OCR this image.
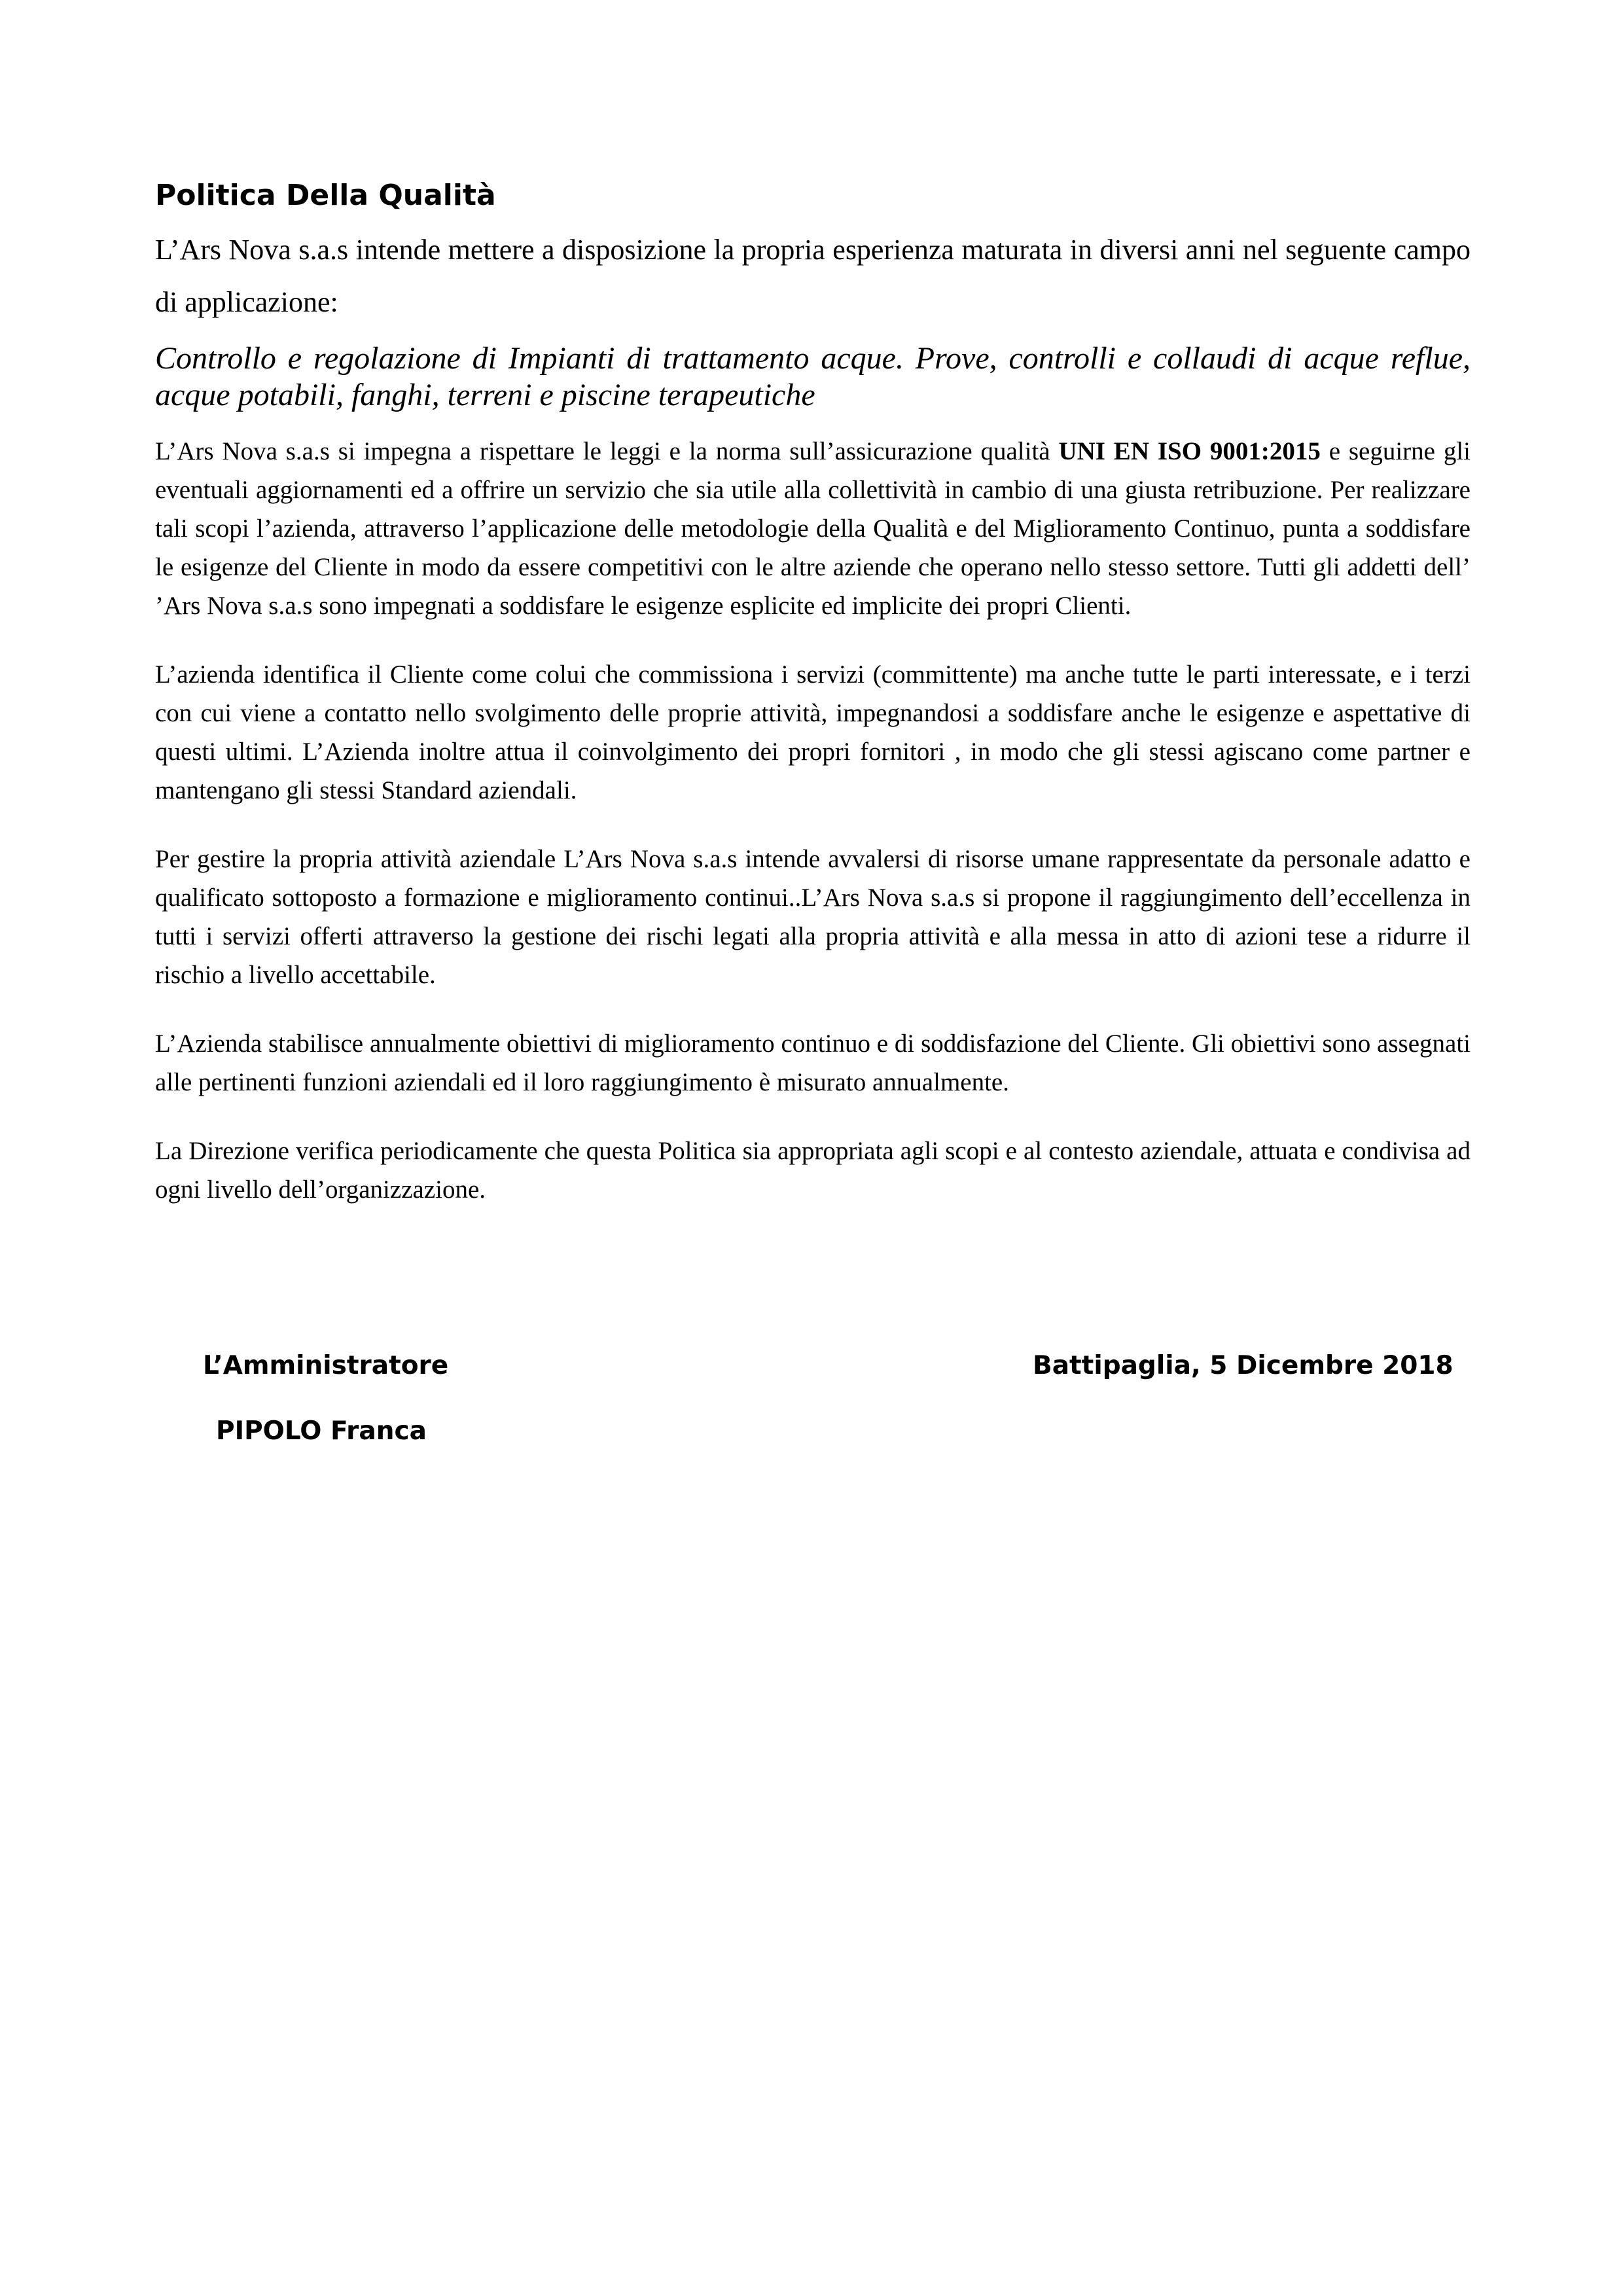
Politica Della Qualità

L’Ars Nova s.a.s intende mettere a disposizione la propria esperienza maturata in diversi anni nel seguente campo di applicazione:

Controllo e regolazione di Impianti di trattamento acque. Prove, controlli e collaudi di acque reflue, acque potabili, fanghi, terreni e piscine terapeutiche

L’Ars Nova s.a.s si impegna a rispettare le leggi e la norma sull’assicurazione qualità UNI EN ISO 9001:2015 e seguirne gli eventuali aggiornamenti ed a offrire un servizio che sia utile alla collettività in cambio di una giusta retribuzione. Per realizzare tali scopi l’azienda, attraverso l’applicazione delle metodologie della Qualità e del Miglioramento Continuo, punta a soddisfare le esigenze del Cliente in modo da essere competitivi con le altre aziende che operano nello stesso settore. Tutti gli addetti dell’ ’Ars Nova s.a.s sono impegnati a soddisfare le esigenze esplicite ed implicite dei propri Clienti.

L’azienda identifica il Cliente come colui che commissiona i servizi (committente) ma anche tutte le parti interessate, e i terzi con cui viene a contatto nello svolgimento delle proprie attività, impegnandosi a soddisfare anche le esigenze e aspettative di questi ultimi. L’Azienda inoltre attua il coinvolgimento dei propri fornitori , in modo che gli stessi agiscano come partner e mantengano gli stessi Standard aziendali.

Per gestire la propria attività aziendale L’Ars Nova s.a.s intende avvalersi di risorse umane rappresentate da personale adatto e qualificato sottoposto a formazione e miglioramento continui..L’Ars Nova s.a.s si propone il raggiungimento dell’eccellenza in tutti i servizi offerti attraverso la gestione dei rischi legati alla propria attività e alla messa in atto di azioni tese a ridurre il rischio a livello accettabile.

L’Azienda stabilisce annualmente obiettivi di miglioramento continuo e di soddisfazione del Cliente. Gli obiettivi sono assegnati alle pertinenti funzioni aziendali ed il loro raggiungimento è misurato annualmente.

La Direzione verifica periodicamente che questa Politica sia appropriata agli scopi e al contesto aziendale, attuata e condivisa ad ogni livello dell’organizzazione.

L’Amministratore
PIPOLO Franca
Battipaglia, 5 Dicembre 2018
